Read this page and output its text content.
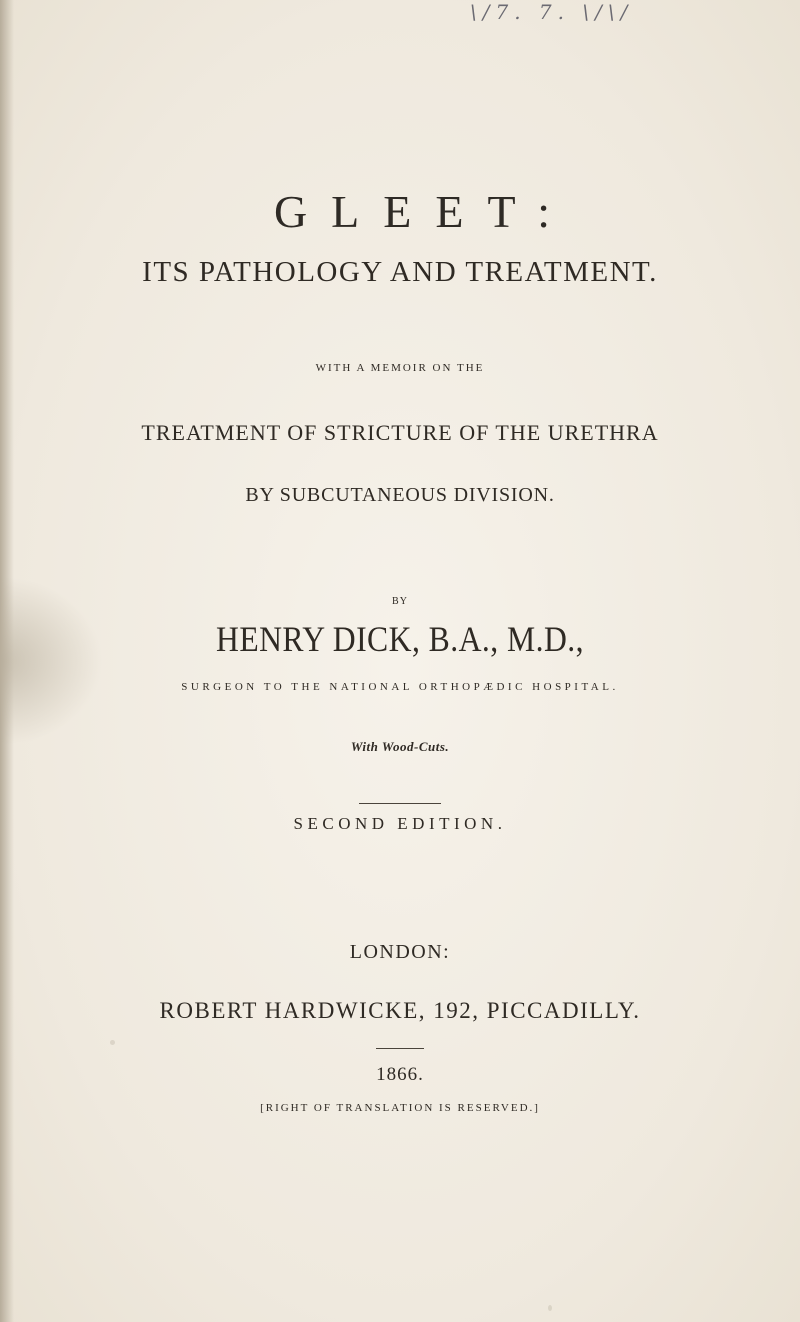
\/7. 7. \/\/
GLEET:
ITS PATHOLOGY AND TREATMENT.
WITH A MEMOIR ON THE
TREATMENT OF STRICTURE OF THE URETHRA
BY SUBCUTANEOUS DIVISION.
BY
HENRY DICK, B.A., M.D.,
SURGEON TO THE NATIONAL ORTHOPÆDIC HOSPITAL.
With Wood-Cuts.
SECOND EDITION.
LONDON:
ROBERT HARDWICKE, 192, PICCADILLY.
1866.
[RIGHT OF TRANSLATION IS RESERVED.]
